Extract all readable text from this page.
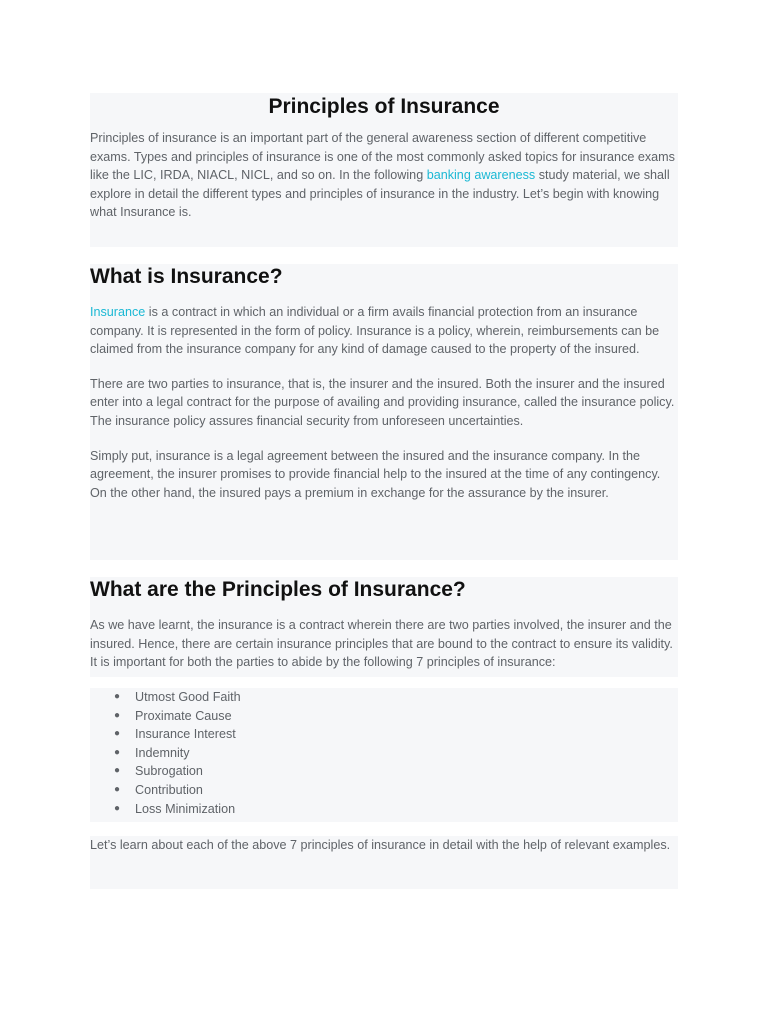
Principles of Insurance

Principles of insurance is an important part of the general awareness section of different competitive exams. Types and principles of insurance is one of the most commonly asked topics for insurance exams like the LIC, IRDA, NIACL, NICL, and so on. In the following banking awareness study material, we shall explore in detail the different types and principles of insurance in the industry. Let’s begin with knowing what Insurance is.

What is Insurance?

Insurance is a contract in which an individual or a firm avails financial protection from an insurance company. It is represented in the form of policy. Insurance is a policy, wherein, reimbursements can be claimed from the insurance company for any kind of damage caused to the property of the insured.

There are two parties to insurance, that is, the insurer and the insured. Both the insurer and the insured enter into a legal contract for the purpose of availing and providing insurance, called the insurance policy. The insurance policy assures financial security from unforeseen uncertainties.

Simply put, insurance is a legal agreement between the insured and the insurance company. In the agreement, the insurer promises to provide financial help to the insured at the time of any contingency. On the other hand, the insured pays a premium in exchange for the assurance by the insurer.

What are the Principles of Insurance?

As we have learnt, the insurance is a contract wherein there are two parties involved, the insurer and the insured. Hence, there are certain insurance principles that are bound to the contract to ensure its validity. It is important for both the parties to abide by the following 7 principles of insurance:

● Utmost Good Faith
● Proximate Cause
● Insurance Interest
● Indemnity
● Subrogation
● Contribution
● Loss Minimization

Let’s learn about each of the above 7 principles of insurance in detail with the help of relevant examples.
